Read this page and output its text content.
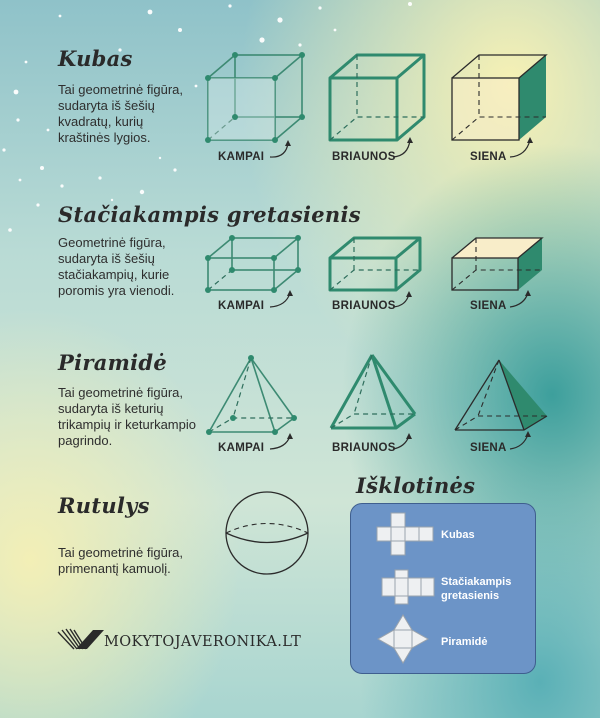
Kubas
Stačiakampis gretasienis
Piramidė
Rutulys
Išklotinės
Tai geometrinė figūra, sudaryta iš šešių kvadratų, kurių kraštinės lygios.
Geometrinė figūra, sudaryta iš šešių stačiakampių, kurie poromis yra vienodi.
Tai geometrinė figūra, sudaryta iš keturių trikampių ir keturkampio pagrindo.
Tai geometrinė figūra, primenantį kamuolį.
KAMPAI	BRIAUNOS	SIENA
KAMPAI	BRIAUNOS	SIENA
KAMPAI	BRIAUNOS	SIENA
Kubas
Stačiakampis gretasienis
Piramidė
MOKYTOJAVERONIKA.LT
